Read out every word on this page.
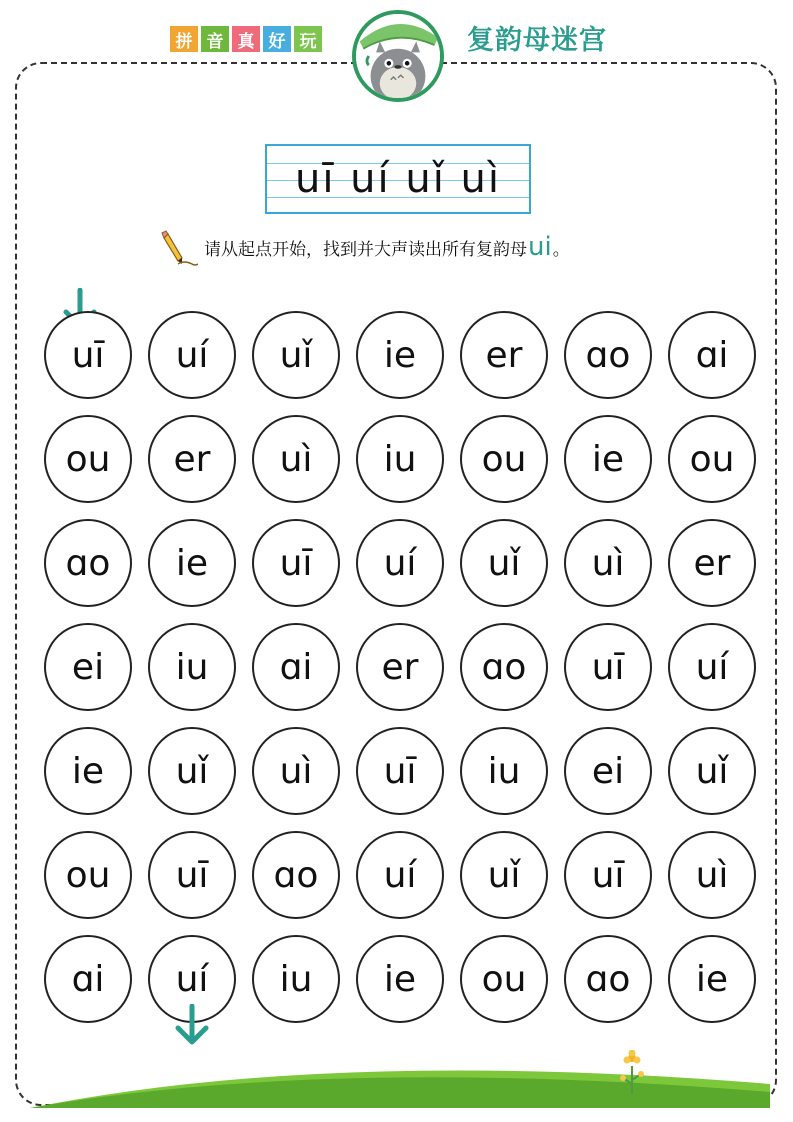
拼 音 真 好 玩	复韵母迷宫
uī uí uǐ uì
请从起点开始，找到并大声读出所有复韵母 ui 。
uī	uí	uǐ	ie	er	ɑo	ɑi
ou	er	uì	iu	ou	ie	ou
ɑo	ie	uī	uí	uǐ	uì	er
ei	iu	ɑi	er	ɑo	uī	uí
ie	uǐ	uì	uī	iu	ei	uǐ
ou	uī	ɑo	uí	uǐ	uī	uì
ɑi	uí	iu	ie	ou	ɑo	ie
